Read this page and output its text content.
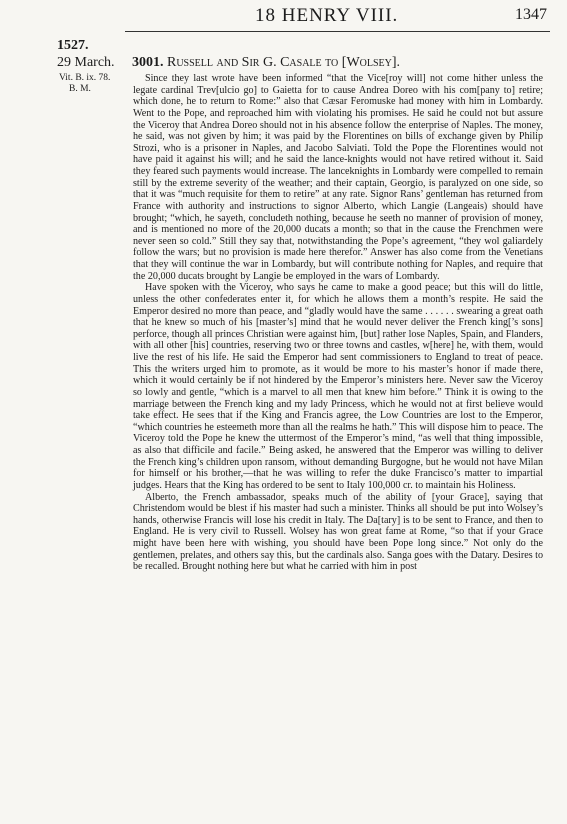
18 HENRY VIII.	1347
1527.
29 March.
Vit. B. ix. 78.
B. M.
3001. Russell and Sir G. Casale to [Wolsey].

Since they last wrote have been informed “that the Vice[roy will] not come hither unless the legate cardinal Trev[ulcio go] to Gaietta for to cause Andrea Doreo with his com[pany to] retire; which done, he to return to Rome:” also that Cæsar Feromuske had money with him in Lombardy. Went to the Pope, and reproached him with violating his promises. He said he could not but assure the Viceroy that Andrea Doreo should not in his absence follow the enterprise of Naples. The money, he said, was not given by him; it was paid by the Florentines on bills of exchange given by Philip Strozi, who is a prisoner in Naples, and Jacobo Salviati. Told the Pope the Florentines would not have paid it against his will; and he said the lance-knights would not have retired without it. Said they feared such payments would increase. The lanceknights in Lombardy were compelled to remain still by the extreme severity of the weather; and their captain, Georgio, is paralyzed on one side, so that it was “much requisite for them to retire” at any rate. Signor Rans’ gentleman has returned from France with authority and instructions to signor Alberto, which Langie (Langeais) should have brought; “which, he sayeth, concludeth nothing, because he seeth no manner of provision of money, and is mentioned no more of the 20,000 ducats a month; so that in the cause the Frenchmen were never seen so cold.” Still they say that, notwithstanding the Pope’s agreement, “they wol galiardely follow the wars; but no provision is made here therefor.” Answer has also come from the Venetians that they will continue the war in Lombardy, but will contribute nothing for Naples, and require that the 20,000 ducats brought by Langie be employed in the wars of Lombardy.

Have spoken with the Viceroy, who says he came to make a good peace; but this will do little, unless the other confederates enter it, for which he allows them a month’s respite. He said the Emperor desired no more than peace, and “gladly would have the same . . . . . . swearing a great oath that he knew so much of his [master’s] mind that he would never deliver the French king[’s sons] perforce, though all princes Christian were against him, [but] rather lose Naples, Spain, and Flanders, with all other [his] countries, reserving two or three towns and castles, w[here] he, with them, would live the rest of his life. He said the Emperor had sent commissioners to England to treat of peace. This the writers urged him to promote, as it would be more to his master’s honor if made there, which it would certainly be if not hindered by the Emperor’s ministers here. Never saw the Viceroy so lowly and gentle, “which is a marvel to all men that knew him before.” Think it is owing to the marriage between the French king and my lady Princess, which he would not at first believe would take effect. He sees that if the King and Francis agree, the Low Countries are lost to the Emperor, “which countries he esteemeth more than all the realms he hath.” This will dispose him to peace. The Viceroy told the Pope he knew the uttermost of the Emperor’s mind, “as well that thing impossible, as also that difficile and facile.” Being asked, he answered that the Emperor was willing to deliver the French king’s children upon ransom, without demanding Burgogne, but he would not have Milan for himself or his brother,—that he was willing to refer the duke Francisco’s matter to impartial judges. Hears that the King has ordered to be sent to Italy 100,000 cr. to maintain his Holiness.

Alberto, the French ambassador, speaks much of the ability of [your Grace], saying that Christendom would be blest if his master had such a minister. Thinks all should be put into Wolsey’s hands, otherwise Francis will lose his credit in Italy. The Da[tary] is to be sent to France, and then to England. He is very civil to Russell. Wolsey has won great fame at Rome, “so that if your Grace might have been here with wishing, you should have been Pope long since.” Not only do the gentlemen, prelates, and others say this, but the cardinals also. Sanga goes with the Datary. Desires to be recalled. Brought nothing here but what he carried with him in post
